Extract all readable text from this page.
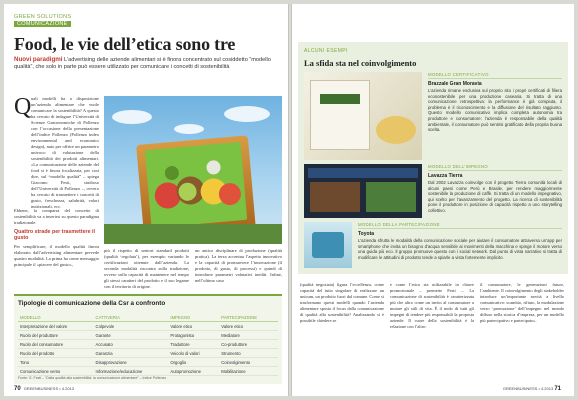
GREEN SOLUTIONS
COMUNICAZIONE
Food, le vie dell’etica sono tre
Nuovi paradigmi L’advertising delle aziende alimentari si è finora concentrato sul cosiddetto “modello qualità”, che solo in parte può essere utilizzato per comunicare i concetti di sostenibilità
Q uali modelli ha a disposizione un’azienda alimentare che vuole comunicare la sostenibilità? A questo ha cercato di indagare l’Università di Scienze Gastronomiche di Pollenzo con l’occasione della presentazione dell’indice Pollenzo (Pollenzo index environmental and economics design), nato per offrire un parametro univoco di valutazione della sostenibilità dei prodotti alimentari. «La comunicazione delle aziende del food si è finora focalizzata, per così dire, sul “modello qualità” – spiega Giacomo Festi, studioso dell’Università di Pollenzo –, ovvero ha cercato di trasmettere i concetti di gusto, freschezza, salubrità, valori nutrizionali, ecc.
Ebbene, la comparsa del concetto di sostenibilità va a inserirsi su questo paradigma tradizionale.
Quattro strade per trasmettere il gusto
Per semplificare, il modello qualità finora elaborato dall’advertising alimentare prevede quattro modalità. La prima ha come messaggio principale il «piacere del gusto»,
più il rispetto di sentori standard prodotti (qualità ‘regolata’), per esempio variando le certificazioni ottenute dall’azienda. La seconda modalità riscontra sulla tradizione, ovvero sulla capacità di mantenere nel tempo gli stessi caratteri del prodotto e il suo legame con il territorio di origine.
un antico disciplinare di produzione (qualità pratica). La terza accentua l’aspetto innovativo e la capacità di promuovere l’innovazione (il prodotto, di gusto, di processi) e quindi di introdurre parametri valutativi inediti. Infine, nell’ultimo caso
Tipologie di comunicazione della Csr a confronto
MODELLO	CATTIVERIA	IMPEGNO	PARTECIPAZIONE
Interpretazione del valore	Colpevole	Valore etico	Valore etico
Ruolo del produttore	Garante	Protagonista	Mediatore
Ruolo del consumatore	Accusato	Traduttore	Co-produttore
Ruolo del prodotto	Garanzia	Veicolo di valori	Strumento
Tono	Disapprovazione	Orgoglio	Coinvolgimento
Comunicazione verso	Informazione/educazione	Autopromozione	Mobilitazione
Fonte: G. Festi – “Dalla qualità alla sostenibilità: la comunicazione alimentare” – Indice Pollenzo
70 GREENBUSINESS • 4.2013
ALCUNI ESEMPI
La sfida sta nel coinvolgimento
MODELLO CERTIFICATIVO
Brazzale Gran Moravia
L’azienda rimane esclusiva sul proprio sito i propri certificati di filiera ecosostenibile per una produzione casearia. Si tratta di una comunicazione retrospettiva: la performance è già compiuta, il problema è il riconoscimento e la diffusione del risultato raggiunto. Questo modello comunicativo implica completa autonomia tra produttore e consumatore: l’azienda è responsabile della qualità ambientale, il consumatore può sentirsi gratificato della propria buona scelta.
MODELLO DELL’IMPEGNO
Lavazza Tierra
Dal 2002 Lavazza coinvolge con il progetto Tierra comunità locali di alcuni paesi come Perù e Brasile, per rendere maggiormente sostenibile la produzione di caffè. Si tratta di un modello impegnativo, qui scelto per l’avanzamento del progetto. La ricerca di sostenibilità pone il produttore in posizione di capacità rispetto a uno storytelling collettivo.
MODELLO DELLA PARTECIPAZIONE
Toyota
L’azienda sfrutta le modalità della comunicazione sociale per aiutare il consumatore attraverso un’app per smartphone che invita un bisogno d’acqua sensibile ai movimenti della macchina e spinge il motore verso una guida più eco. Il gruppo promuove questo con i social network. Dal punto di vista narrativo si tratta di modificare le attitudini di prodotto tende a spiarle a vista fortemente implicito.
(qualità negoziata) figura l’eccellenza, come capacità del tutto singolare di realizzare un unicum, un prodotto fuori dal comune. Come si trasformano questi modelli quando l’azienda alimentare sposta il focus dalla comunicazione di qualità alla sostenibilità? Analizzando si è possibile chiedere se
e come l’etica sia utilizzabile in chiave promozionale – premette Festi –. La comunicazione di sostenibilità è caratterizzata più che altro come un invito al consumatore a mutare gli stili di vita. È il nodo di tutti gli impegni di tendere più responsabili la proposta aziende. Il cuore della sostenibilità è la relazione con l’altro:
il consumatore, le generazioni future, l’ambiente. Il coinvolgimento degli stakeholder introduce un’importante novità a livello comunicativo: scambio, rifiuto, la modulazione verso ‘promozione’ dell’impegno nel mondo diffuso nella storica d’impresa, per un modello più partecipativo e partecipato».
GREENBUSINESS • 4.2013 71
